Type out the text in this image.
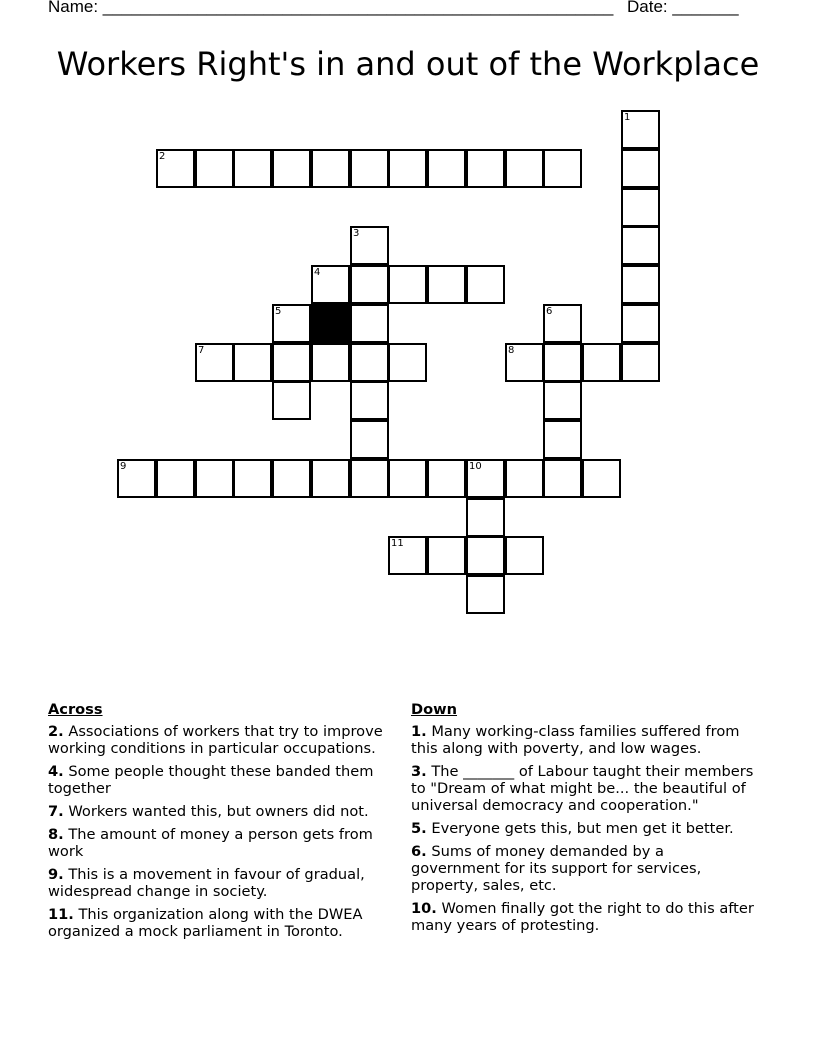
Name: ______________________________________________________ Date: _______
Workers Right's in and out of the Workplace
1
2
3
4
5	6
7	8
9	10
11
Across
2. Associations of workers that try to improve working conditions in particular occupations.
4. Some people thought these banded them together
7. Workers wanted this, but owners did not.
8. The amount of money a person gets from work
9. This is a movement in favour of gradual, widespread change in society.
11. This organization along with the DWEA organized a mock parliament in Toronto.
Down
1. Many working-class families suffered from this along with poverty, and low wages.
3. The _______ of Labour taught their members to "Dream of what might be... the beautiful of universal democracy and cooperation."
5. Everyone gets this, but men get it better.
6. Sums of money demanded by a government for its support for services, property, sales, etc.
10. Women finally got the right to do this after many years of protesting.
